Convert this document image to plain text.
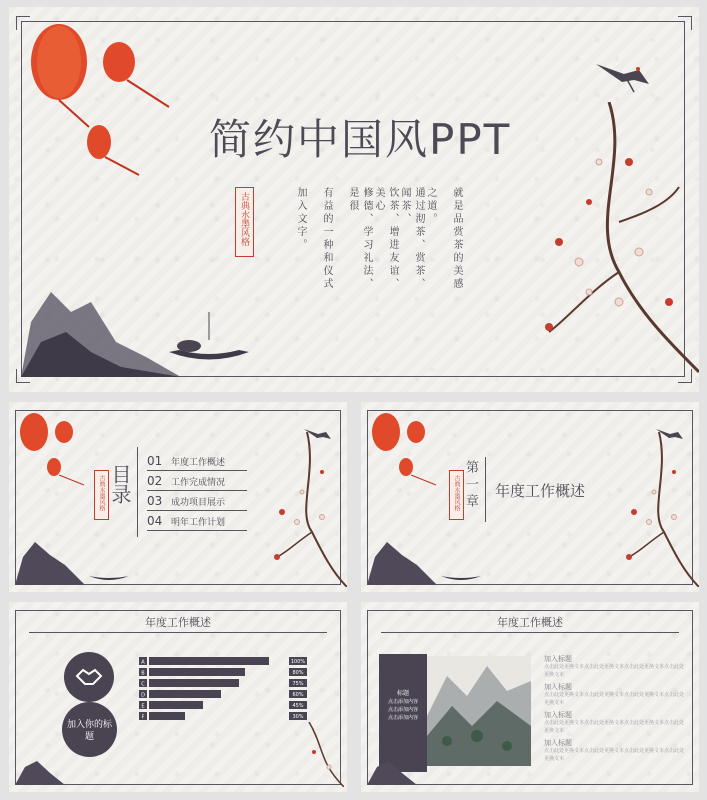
简约中国风PPT
古典水墨风格	就是品赏茶的美感
之道。
通过沏茶、赏茶、闻茶、
饮茶、增进友谊、美心
修德、学习礼法、是很
有益的一种和仪式
加入文字。
古典水墨风格 目录
01 年度工作概述
02 工作完成情况
03 成功项目展示
04 明年工作计划
古典水墨风格 第一章 年度工作概述
年度工作概述
加入你的标题
A	100%
B	80%
C	75%
D	60%
E	45%
F	30%

年度工作概述
标题
点击添加内容
点击添加内容
点击添加内容
加入标题
点击此处更换文本点击此处更换文本点击此处更换文本点击此处更换文本
加入标题
点击此处更换文本点击此处更换文本点击此处更换文本点击此处更换文本
加入标题
点击此处更换文本点击此处更换文本点击此处更换文本点击此处更换文本
加入标题
点击此处更换文本点击此处更换文本点击此处更换文本点击此处更换文本
